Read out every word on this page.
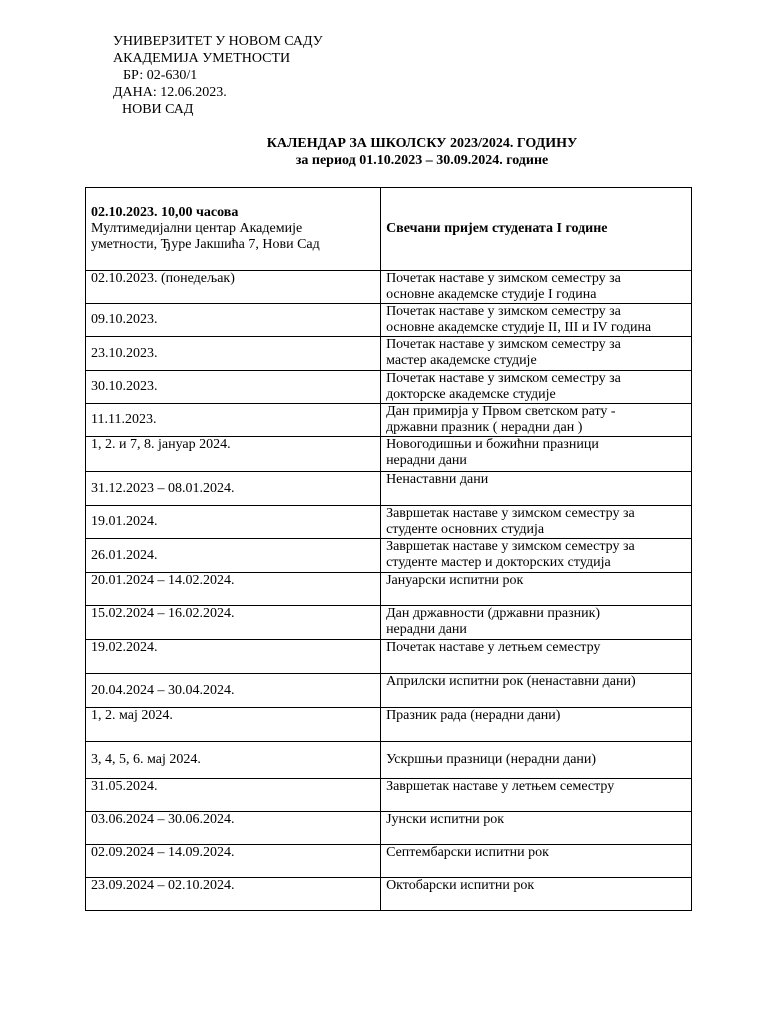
УНИВЕРЗИТЕТ У НОВОМ САДУ
АКАДЕМИЈА УМЕТНОСТИ
БР: 02-630/1
ДАНА: 12.06.2023.
НОВИ САД
КАЛЕНДАР ЗА ШКОЛСКУ 2023/2024. ГОДИНУ
за период 01.10.2023 – 30.09.2024. године
02.10.2023. 10,00 часова
Мултимедијални центар Академије
уметности, Ђуре Јакшића 7, Нови Сад	Свечани пријем студената I године

02.10.2023. (понедељак)	Почетак наставе у зимском семестру за
основне академске студије I година

09.10.2023.	Почетак наставе у зимском семестру за
основне академске студије II, III и IV година

23.10.2023.	Почетак наставе у зимском семестру за
мастер академске студије

30.10.2023.	Почетак наставе у зимском семестру за
докторске академске студије

11.11.2023.	Дан примирја у Првом светском рату -
државни празник ( нерадни дан )

1, 2. и 7, 8. јануар 2024.	Новогодишњи и божићни празници
нерадни дани

31.12.2023 – 08.01.2024.	Ненаставни дани

19.01.2024.	Завршетак наставе у зимском семестру за
студенте основних студија

26.01.2024.	Завршетак наставе у зимском семестру за
студенте мастер и докторских студија

20.01.2024 – 14.02.2024.	Јануарски испитни рок

15.02.2024 – 16.02.2024.	Дан државности (државни празник)
нерадни дани

19.02.2024.	Почетак наставе у летњем семестру

20.04.2024 – 30.04.2024.	Априлски испитни рок (ненаставни дани)

1, 2. мај 2024.	Празник рада (нерадни дани)

3, 4, 5, 6. мај 2024.	Ускршњи празници (нерадни дани)

31.05.2024.	Завршетак наставе у летњем семестру

03.06.2024 – 30.06.2024.	Јунски испитни рок

02.09.2024 – 14.09.2024.	Септембарски испитни рок

23.09.2024 – 02.10.2024.	Октобарски испитни рок
